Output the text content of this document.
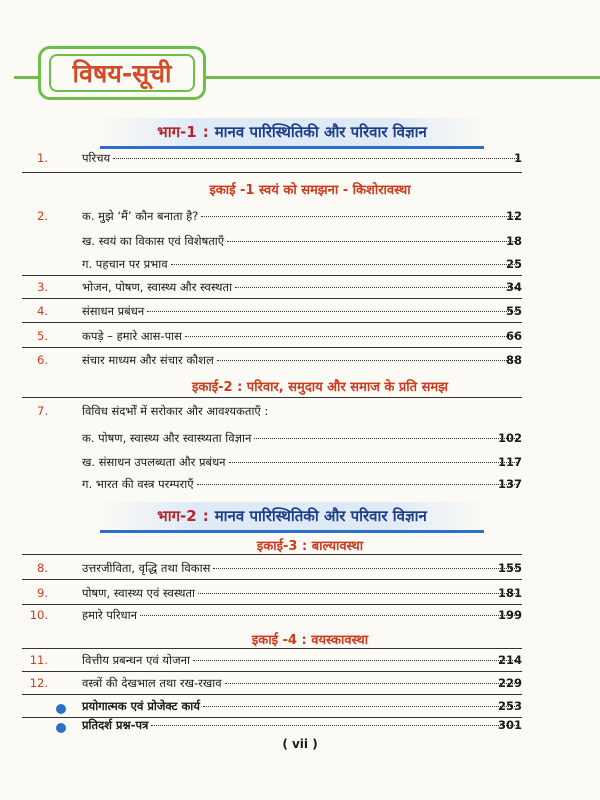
विषय-सूची
भाग-1 : मानव पारिस्थितिकी और परिवार विज्ञान
1.	परिचय	1
इकाई -1 स्वयं को समझना - किशोरावस्था
2.	क. मुझे ‘मैं’ कौन बनाता है?	12
ख. स्वयं का विकास एवं विशेषताएँ	18
ग. पहचान पर प्रभाव	25
3.	भोजन, पोषण, स्वास्थ्य और स्वस्थता	34
4.	संसाधन प्रबंधन	55
5.	कपड़े – हमारे आस-पास	66
6.	संचार माध्यम और संचार कौशल	88
इकाई-2 : परिवार, समुदाय और समाज के प्रति समझ
7.	विविध संदर्भों में सरोकार और आवश्यकताएँ :
क. पोषण, स्वास्थ्य और स्वास्थ्यता विज्ञान	102
ख. संसाधन उपलब्धता और प्रबंधन	117
ग. भारत की वस्त्र परम्पराएँ	137
भाग-2 : मानव पारिस्थितिकी और परिवार विज्ञान
इकाई-3 : बाल्यावस्था
8.	उत्तरजीविता, वृद्धि तथा विकास	155
9.	पोषण, स्वास्थ्य एवं स्वस्थता	181
10.	हमारे परिधान	199
इकाई -4 : वयस्कावस्था
11.	वित्तीय प्रबन्धन एवं योजना	214
12.	वस्त्रों की देखभाल तथा रख-रखाव	229
प्रयोगात्मक एवं प्रोजेक्ट कार्य	253
प्रतिदर्श प्रश्न-पत्र	301
( vii )
